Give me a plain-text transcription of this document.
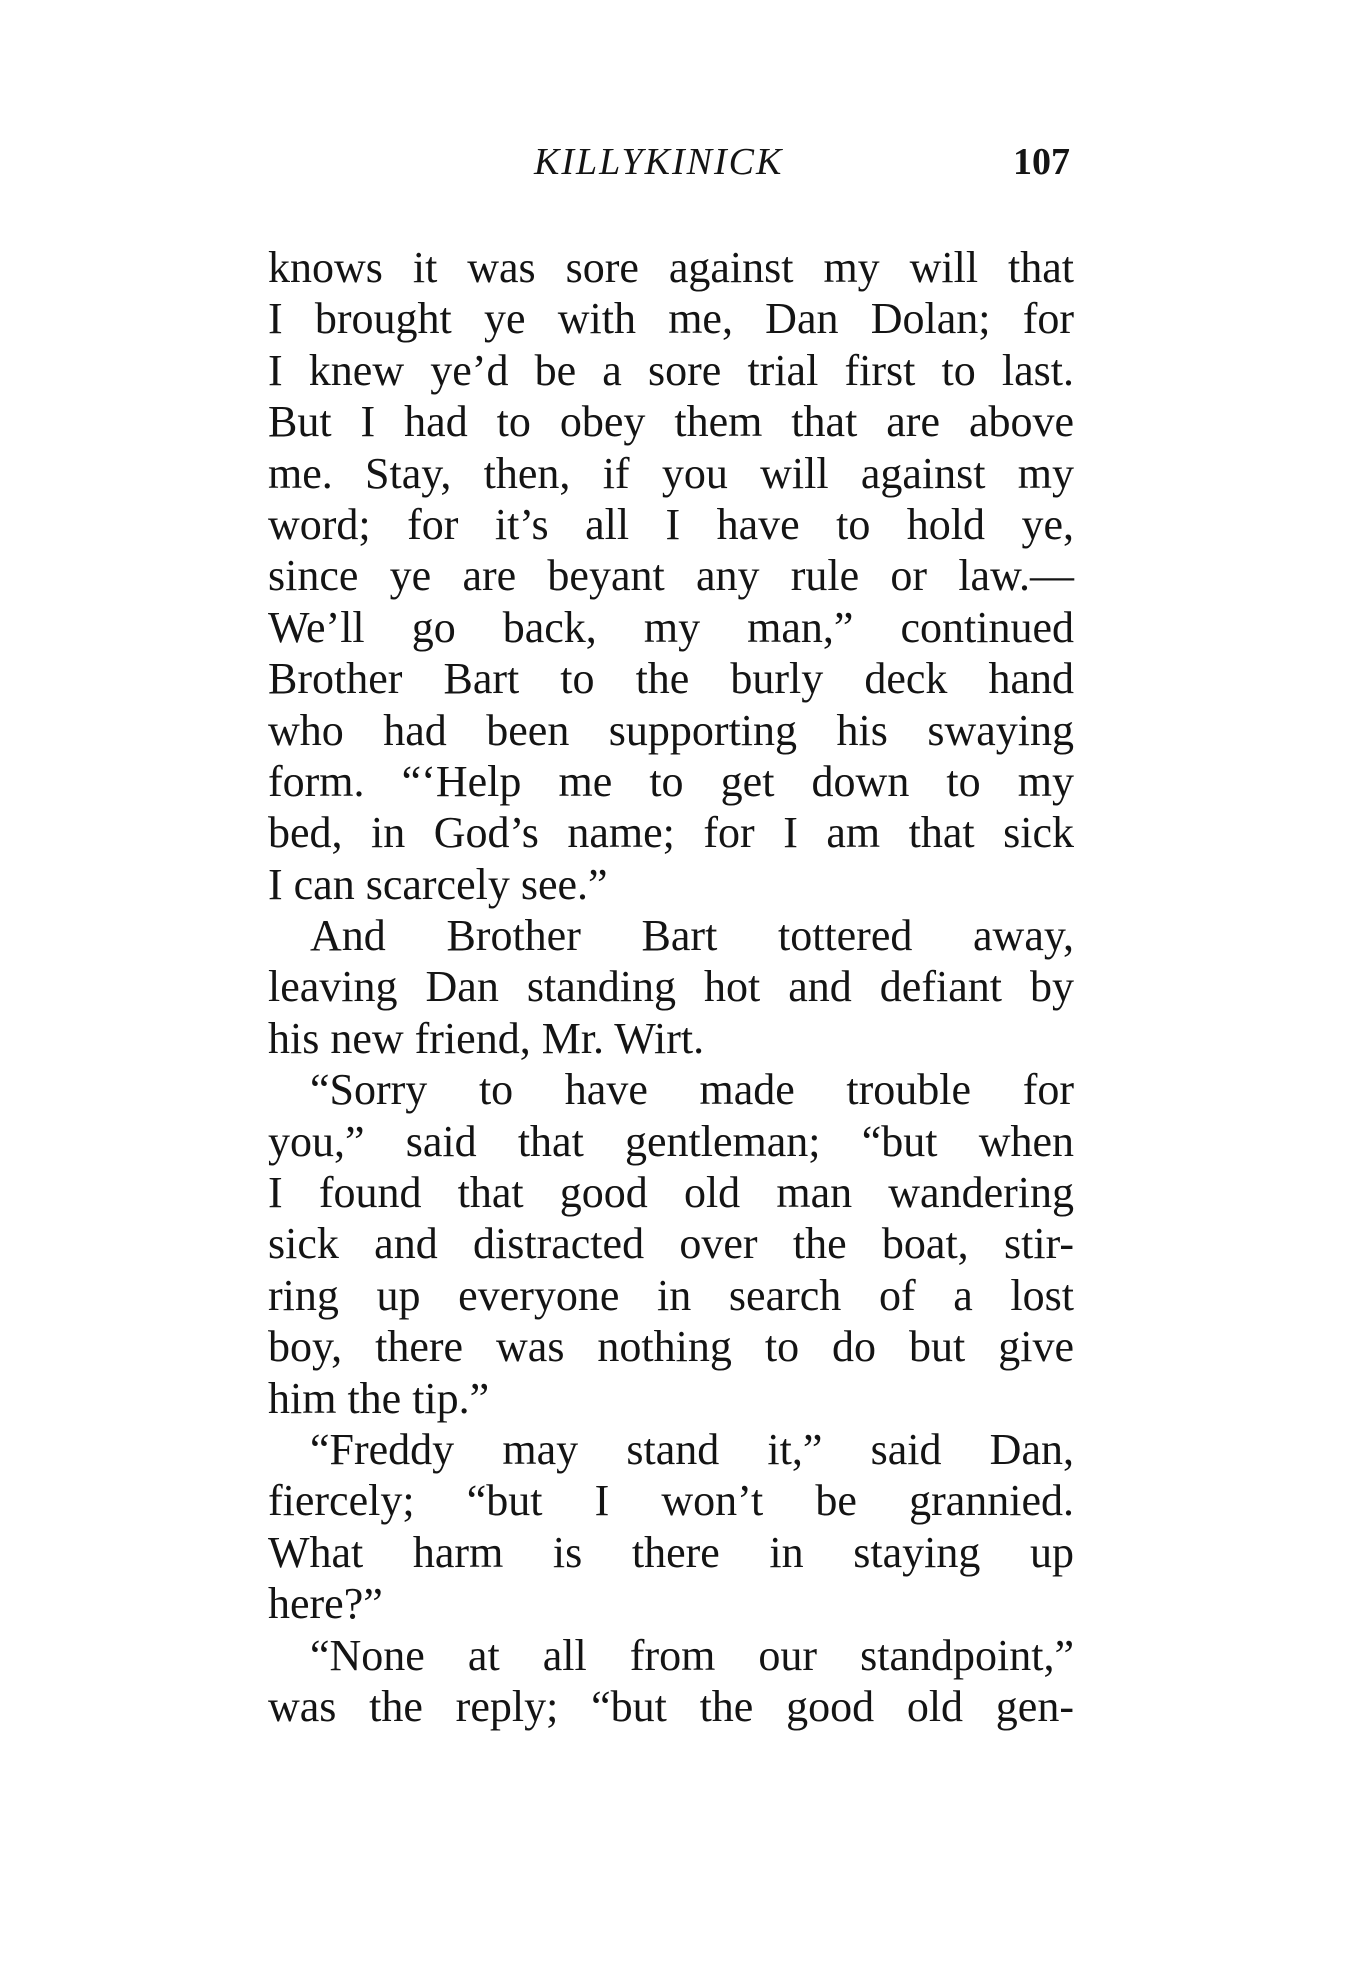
KILLYKINICK	107
knows it was sore against my will that
I brought ye with me, Dan Dolan; for
I knew ye’d be a sore trial first to last.
But I had to obey them that are above
me. Stay, then, if you will against my
word; for it’s all I have to hold ye,
since ye are beyant any rule or law.—
We’ll go back, my man,” continued
Brother Bart to the burly deck hand
who had been supporting his swaying
form. “‘Help me to get down to my
bed, in God’s name; for I am that sick
I can scarcely see.”
And Brother Bart tottered away,
leaving Dan standing hot and defiant by
his new friend, Mr. Wirt.
“Sorry to have made trouble for
you,” said that gentleman; “but when
I found that good old man wandering
sick and distracted over the boat, stir-
ring up everyone in search of a lost
boy, there was nothing to do but give
him the tip.”
“Freddy may stand it,” said Dan,
fiercely; “but I won’t be grannied.
What harm is there in staying up
here?”
“None at all from our standpoint,”
was the reply; “but the good old gen-
